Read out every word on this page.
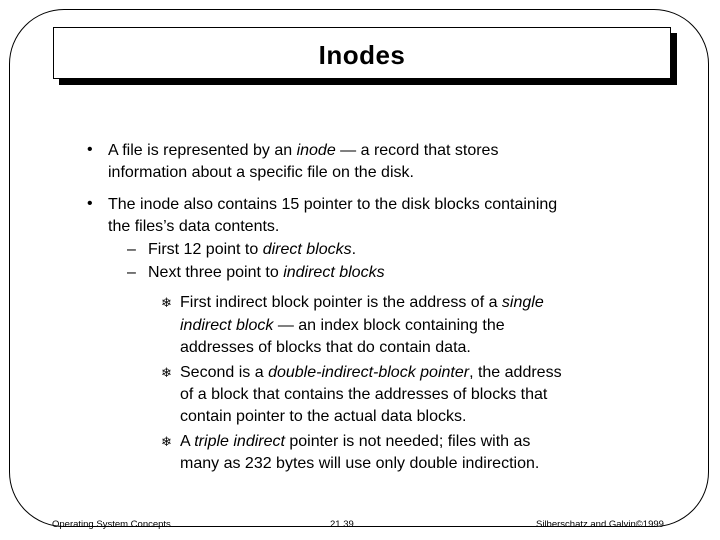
Inodes
• A file is represented by an inode — a record that stores
information about a specific file on the disk.
• The inode also contains 15 pointer to the disk blocks containing
the files’s data contents.
– First 12 point to direct blocks.
– Next three point to indirect blocks
❄ First indirect block pointer is the address of a single
indirect block — an index block containing the
addresses of blocks that do contain data.
❄ Second is a double-indirect-block pointer, the address
of a block that contains the addresses of blocks that
contain pointer to the actual data blocks.
❄ A triple indirect pointer is not needed; files with as
many as 232 bytes will use only double indirection.
Operating System Concepts	21.39	Silberschatz and Galvin©1999
